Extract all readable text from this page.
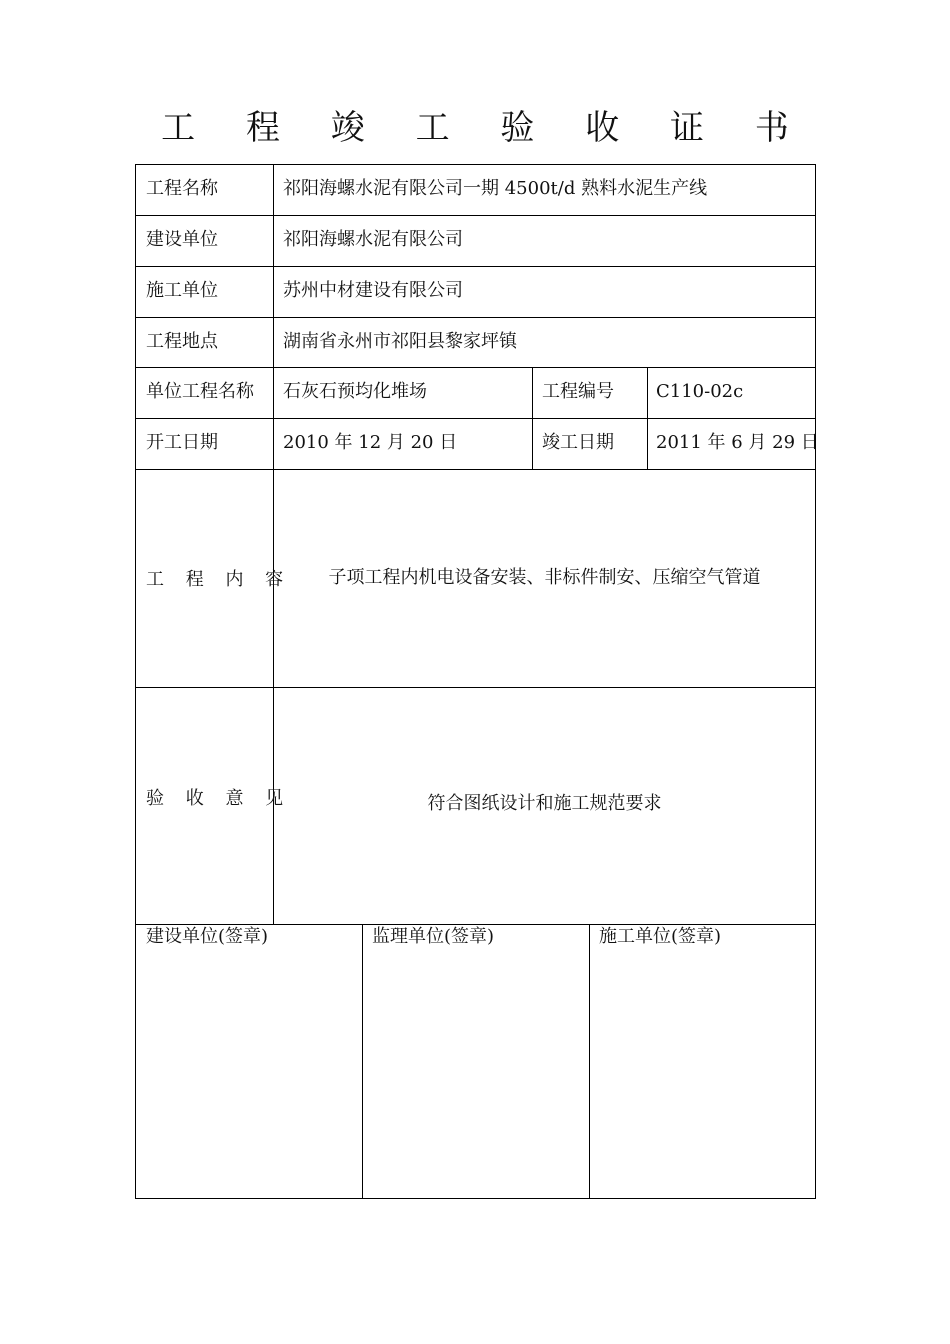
工 程 竣 工 验 收 证 书
工程名称	祁阳海螺水泥有限公司一期 4500t/d 熟料水泥生产线
建设单位	祁阳海螺水泥有限公司
施工单位	苏州中材建设有限公司
工程地点	湖南省永州市祁阳县黎家坪镇
单位工程名称 石灰石预均化堆场	工程编号 C110-02c
开工日期	2010 年 12 月 20 日	竣工日期 2011 年 6 月 29 日
工 程 内 容	子项工程内机电设备安装、非标件制安、压缩空气管道
验 收 意 见	符合图纸设计和施工规范要求
建设单位(签章)	监理单位(签章)	施工单位(签章)
